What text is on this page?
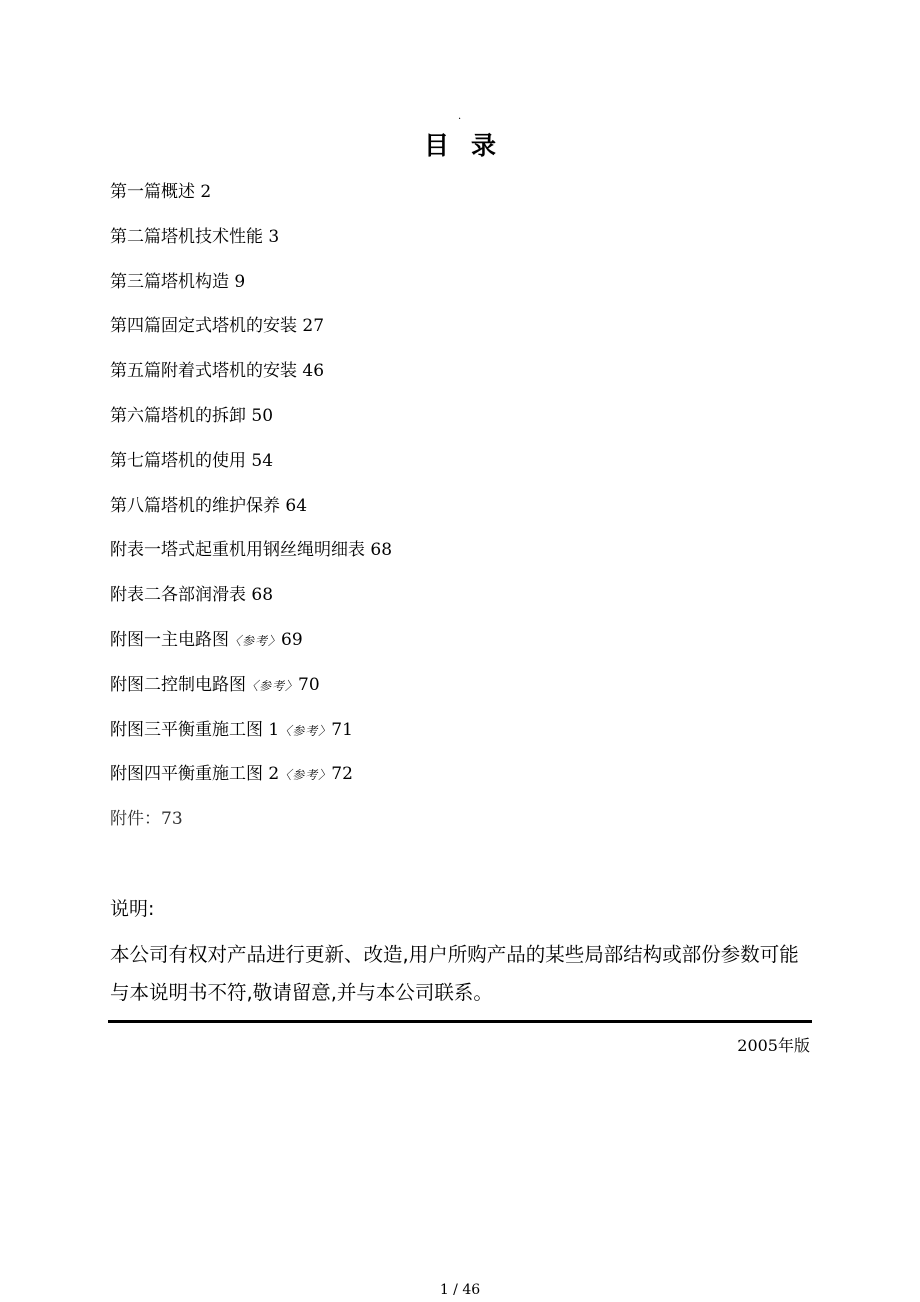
.
目录
第一篇概述 2
第二篇塔机技术性能 3
第三篇塔机构造 9
第四篇固定式塔机的安装 27
第五篇附着式塔机的安装 46
第六篇塔机的拆卸 50
第七篇塔机的使用 54
第八篇塔机的维护保养 64
附表一塔式起重机用钢丝绳明细表 68
附表二各部润滑表 68
附图一主电路图〈参考〉69
附图二控制电路图〈参考〉70
附图三平衡重施工图 1〈参考〉71
附图四平衡重施工图 2〈参考〉72
附件：73
说明:
本公司有权对产品进行更新、改造,用户所购产品的某些局部结构或部份参数可能与本说明书不符,敬请留意,并与本公司联系。
2005年版
1 / 46
